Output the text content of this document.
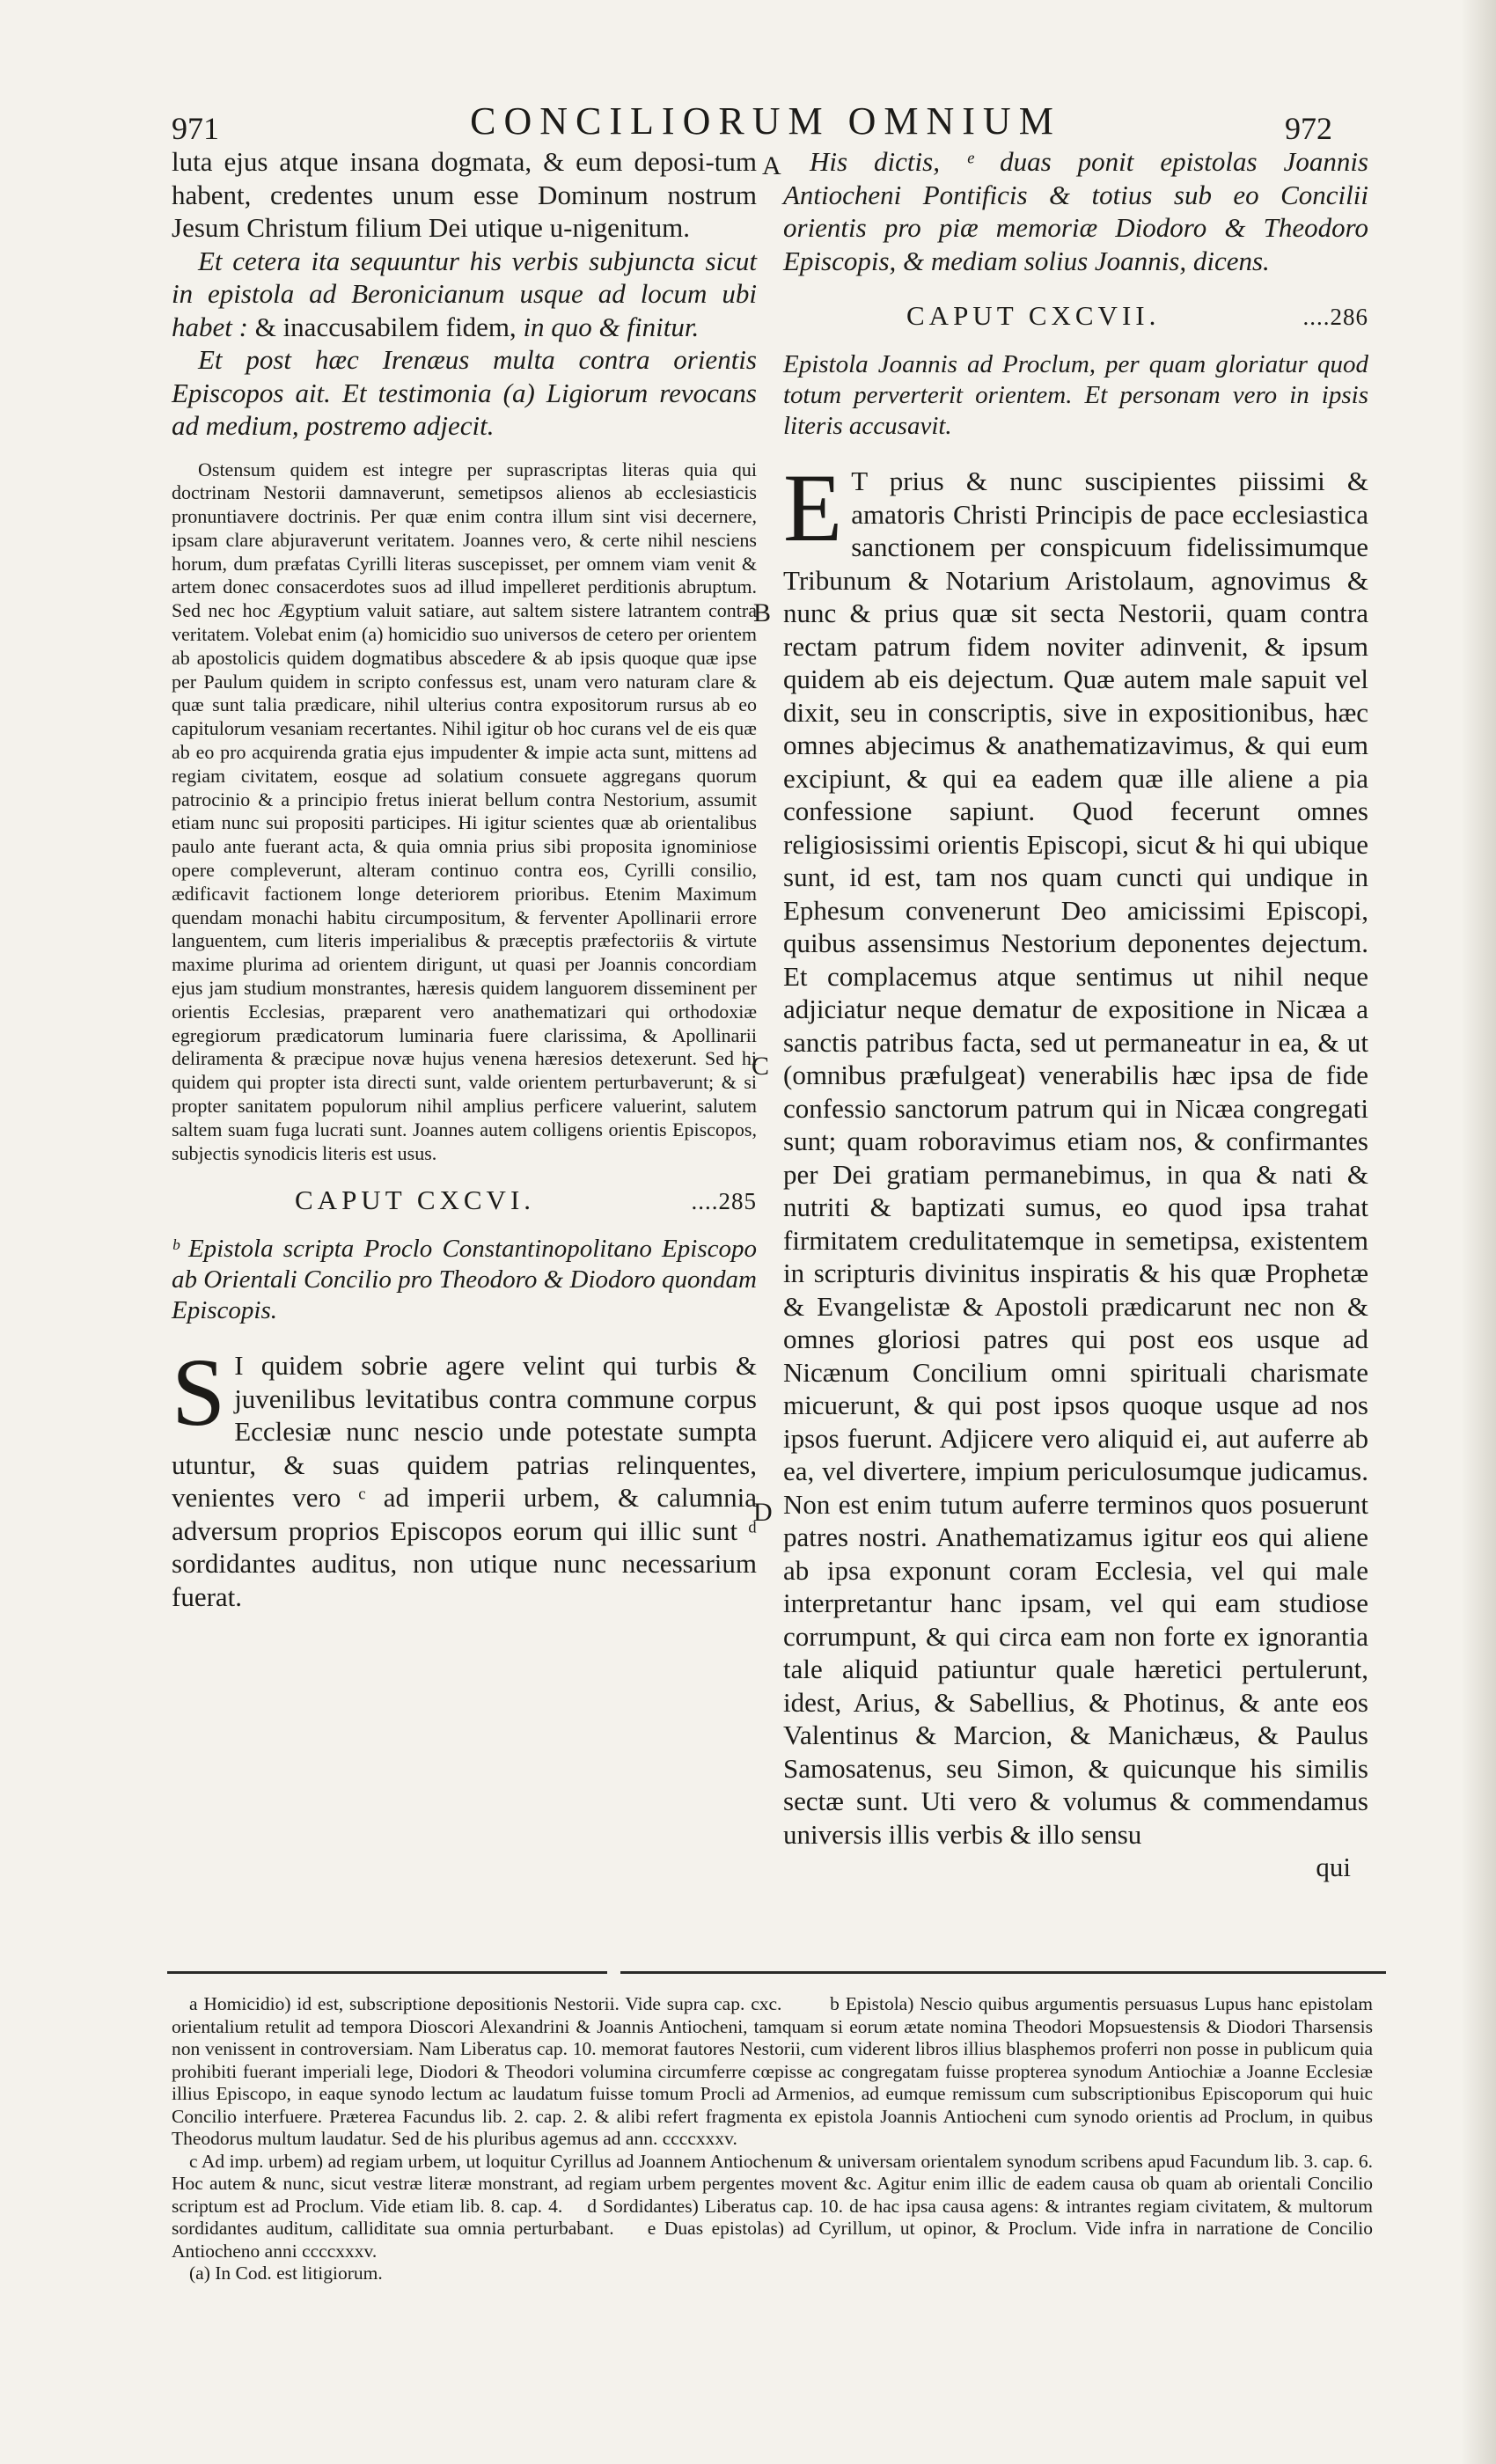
971	CONCILIORUM OMNIUM	972
A
B
C
D

luta ejus atque insana dogmata, & eum deposi-tum habent, credentes unum esse Dominum nostrum Jesum Christum filium Dei utique u-nigenitum.

Et cetera ita sequuntur his verbis subjuncta sicut in epistola ad Beronicianum usque ad locum ubi habet : & inaccusabilem fidem, in quo & finitur.

Et post hæc Irenæus multa contra orientis Episcopos ait. Et testimonia (a) Ligiorum revocans ad medium, postremo adjecit.

Ostensum quidem est integre per suprascriptas literas quia qui doctrinam Nestorii damnaverunt, semetipsos alienos ab ecclesiasticis pronuntiavere doctrinis. Per quæ enim contra illum sint visi decernere, ipsam clare abjuraverunt veritatem. Joannes vero, & certe nihil nesciens horum, dum præfatas Cyrilli literas suscepisset, per omnem viam venit & artem donec consacerdotes suos ad illud impelleret perditionis abruptum. Sed nec hoc Ægyptium valuit satiare, aut saltem sistere latrantem contra veritatem. Volebat enim (a) homicidio suo universos de cetero per orientem ab apostolicis quidem dogmatibus abscedere & ab ipsis quoque quæ ipse per Paulum quidem in scripto confessus est, unam vero naturam clare & quæ sunt talia prædicare, nihil ulterius contra expositorum rursus ab eo capitulorum vesaniam recertantes. Nihil igitur ob hoc curans vel de eis quæ ab eo pro acquirenda gratia ejus impudenter & impie acta sunt, mittens ad regiam civitatem, eosque ad solatium consuete aggregans quorum patrocinio & a principio fretus inierat bellum contra Nestorium, assumit etiam nunc sui propositi participes. Hi igitur scientes quæ ab orientalibus paulo ante fuerant acta, & quia omnia prius sibi proposita ignominiose opere compleverunt, alteram continuo contra eos, Cyrilli consilio, ædificavit factionem longe deteriorem prioribus. Etenim Maximum quendam monachi habitu circumpositum, & ferventer Apollinarii errore languentem, cum literis imperialibus & præceptis præfectoriis & virtute maxime plurima ad orientem dirigunt, ut quasi per Joannis concordiam ejus jam studium monstrantes, hæresis quidem languorem disseminent per orientis Ecclesias, præparent vero anathematizari qui orthodoxiæ egregiorum prædicatorum luminaria fuere clarissima, & Apollinarii deliramenta & præcipue novæ hujus venena hæresios detexerunt. Sed hi quidem qui propter ista directi sunt, valde orientem perturbaverunt; & si propter sanitatem populorum nihil amplius perficere valuerint, salutem saltem suam fuga lucrati sunt. Joannes autem colligens orientis Episcopos, subjectis synodicis literis est usus.

CAPUT CXCVI.	....285

ᵇ Epistola scripta Proclo Constantinopolitano Episcopo ab Orientali Concilio pro Theodoro & Diodoro quondam Episcopis.

S I quidem sobrie agere velint qui turbis & juvenilibus levitatibus contra commune corpus Ecclesiæ nunc nescio unde potestate sumpta utuntur, & suas quidem patrias relinquentes, venientes vero ᶜ ad imperii urbem, & calumnia adversum proprios Episcopos eorum qui illic sunt ᵈ sordidantes auditus, non utique nunc necessarium fuerat.

His dictis, ᵉ duas ponit epistolas Joannis Antiocheni Pontificis & totius sub eo Concilii orientis pro piæ memoriæ Diodoro & Theodoro Episcopis, & mediam solius Joannis, dicens.

CAPUT CXCVII.	....286

Epistola Joannis ad Proclum, per quam gloriatur quod totum perverterit orientem. Et personam vero in ipsis literis accusavit.

E T prius & nunc suscipientes piissimi & amatoris Christi Principis de pace ecclesiastica sanctionem per conspicuum fidelissimumque Tribunum & Notarium Aristolaum, agnovimus & nunc & prius quæ sit secta Nestorii, quam contra rectam patrum fidem noviter adinvenit, & ipsum quidem ab eis dejectum. Quæ autem male sapuit vel dixit, seu in conscriptis, sive in expositionibus, hæc omnes abjecimus & anathematizavimus, & qui eum excipiunt, & qui ea eadem quæ ille aliene a pia confessione sapiunt. Quod fecerunt omnes religiosissimi orientis Episcopi, sicut & hi qui ubique sunt, id est, tam nos quam cuncti qui undique in Ephesum convenerunt Deo amicissimi Episcopi, quibus assensimus Nestorium deponentes dejectum. Et complacemus atque sentimus ut nihil neque adjiciatur neque dematur de expositione in Nicæa a sanctis patribus facta, sed ut permaneatur in ea, & ut (omnibus præfulgeat) venerabilis hæc ipsa de fide confessio sanctorum patrum qui in Nicæa congregati sunt; quam roboravimus etiam nos, & confirmantes per Dei gratiam permanebimus, in qua & nati & nutriti & baptizati sumus, eo quod ipsa trahat firmitatem credulitatemque in semetipsa, existentem in scripturis divinitus inspiratis & his quæ Prophetæ & Evangelistæ & Apostoli prædicarunt nec non & omnes gloriosi patres qui post eos usque ad Nicænum Concilium omni spirituali charismate micuerunt, & qui post ipsos quoque usque ad nos ipsos fuerunt. Adjicere vero aliquid ei, aut auferre ab ea, vel divertere, impium periculosumque judicamus. Non est enim tutum auferre terminos quos posuerunt patres nostri. Anathematizamus igitur eos qui aliene ab ipsa exponunt coram Ecclesia, vel qui male interpretantur hanc ipsam, vel qui eam studiose corrumpunt, & qui circa eam non forte ex ignorantia tale aliquid patiuntur quale hæretici pertulerunt, idest, Arius, & Sabellius, & Photinus, & ante eos Valentinus & Marcion, & Manichæus, & Paulus Samosatenus, seu Simon, & quicunque his similis sectæ sunt. Uti vero & volumus & commendamus universis illis verbis & illo sensu

qui

a Homicidio) id est, subscriptione depositionis Nestorii. Vide supra cap. cxc.	b Epistola) Nescio quibus argumentis persuasus Lupus hanc epistolam orientalium retulit ad tempora Dioscori Alexandrini & Joannis Antiocheni, tamquam si eorum ætate nomina Theodori Mopsuestensis & Diodori Tharsensis non venissent in controversiam. Nam Liberatus cap. 10. memorat fautores Nestorii, cum viderent libros illius blasphemos proferri non posse in publicum quia prohibiti fuerant imperiali lege, Diodori & Theodori volumina circumferre cœpisse ac congregatam fuisse propterea synodum Antiochiæ a Joanne Ecclesiæ illius Episcopo, in eaque synodo lectum ac laudatum fuisse tomum Procli ad Armenios, ad eumque remissum cum subscriptionibus Episcoporum qui huic Concilio interfuere. Præterea Facundus lib. 2. cap. 2. & alibi refert fragmenta ex epistola Joannis Antiocheni cum synodo orientis ad Proclum, in quibus Theodorus multum laudatur. Sed de his pluribus agemus ad ann. ccccxxxv.

c Ad imp. urbem) ad regiam urbem, ut loquitur Cyrillus ad Joannem Antiochenum & universam orientalem synodum scribens apud Facundum lib. 3. cap. 6. Hoc autem & nunc, sicut vestræ literæ monstrant, ad regiam urbem pergentes movent &c. Agitur enim illic de eadem causa ob quam ab orientali Concilio scriptum est ad Proclum. Vide etiam lib. 8. cap. 4. d Sordidantes) Liberatus cap. 10. de hac ipsa causa agens: & intrantes regiam civitatem, & multorum sordidantes auditum, calliditate sua omnia perturbabant. e Duas epistolas) ad Cyrillum, ut opinor, & Proclum. Vide infra in narratione de Concilio Antiocheno anni ccccxxxv.

(a) In Cod. est litigiorum.
